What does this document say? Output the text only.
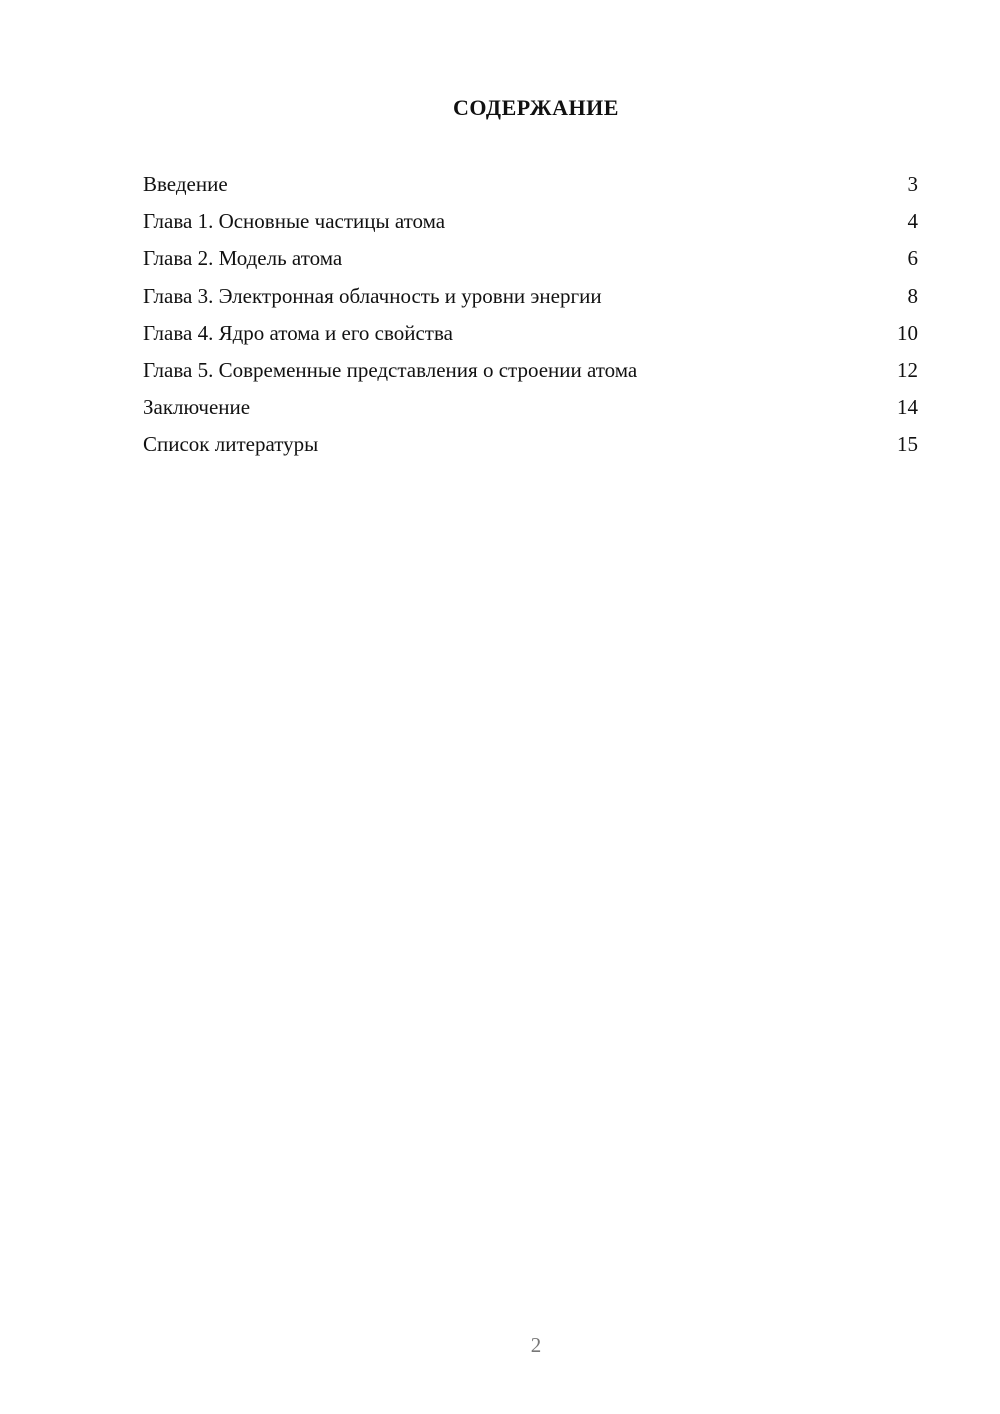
СОДЕРЖАНИЕ
Введение	3
Глава 1. Основные частицы атома	4
Глава 2. Модель атома	6
Глава 3. Электронная облачность и уровни энергии	8
Глава 4. Ядро атома и его свойства	10
Глава 5. Современные представления о строении атома	12
Заключение	14
Список литературы	15
2
